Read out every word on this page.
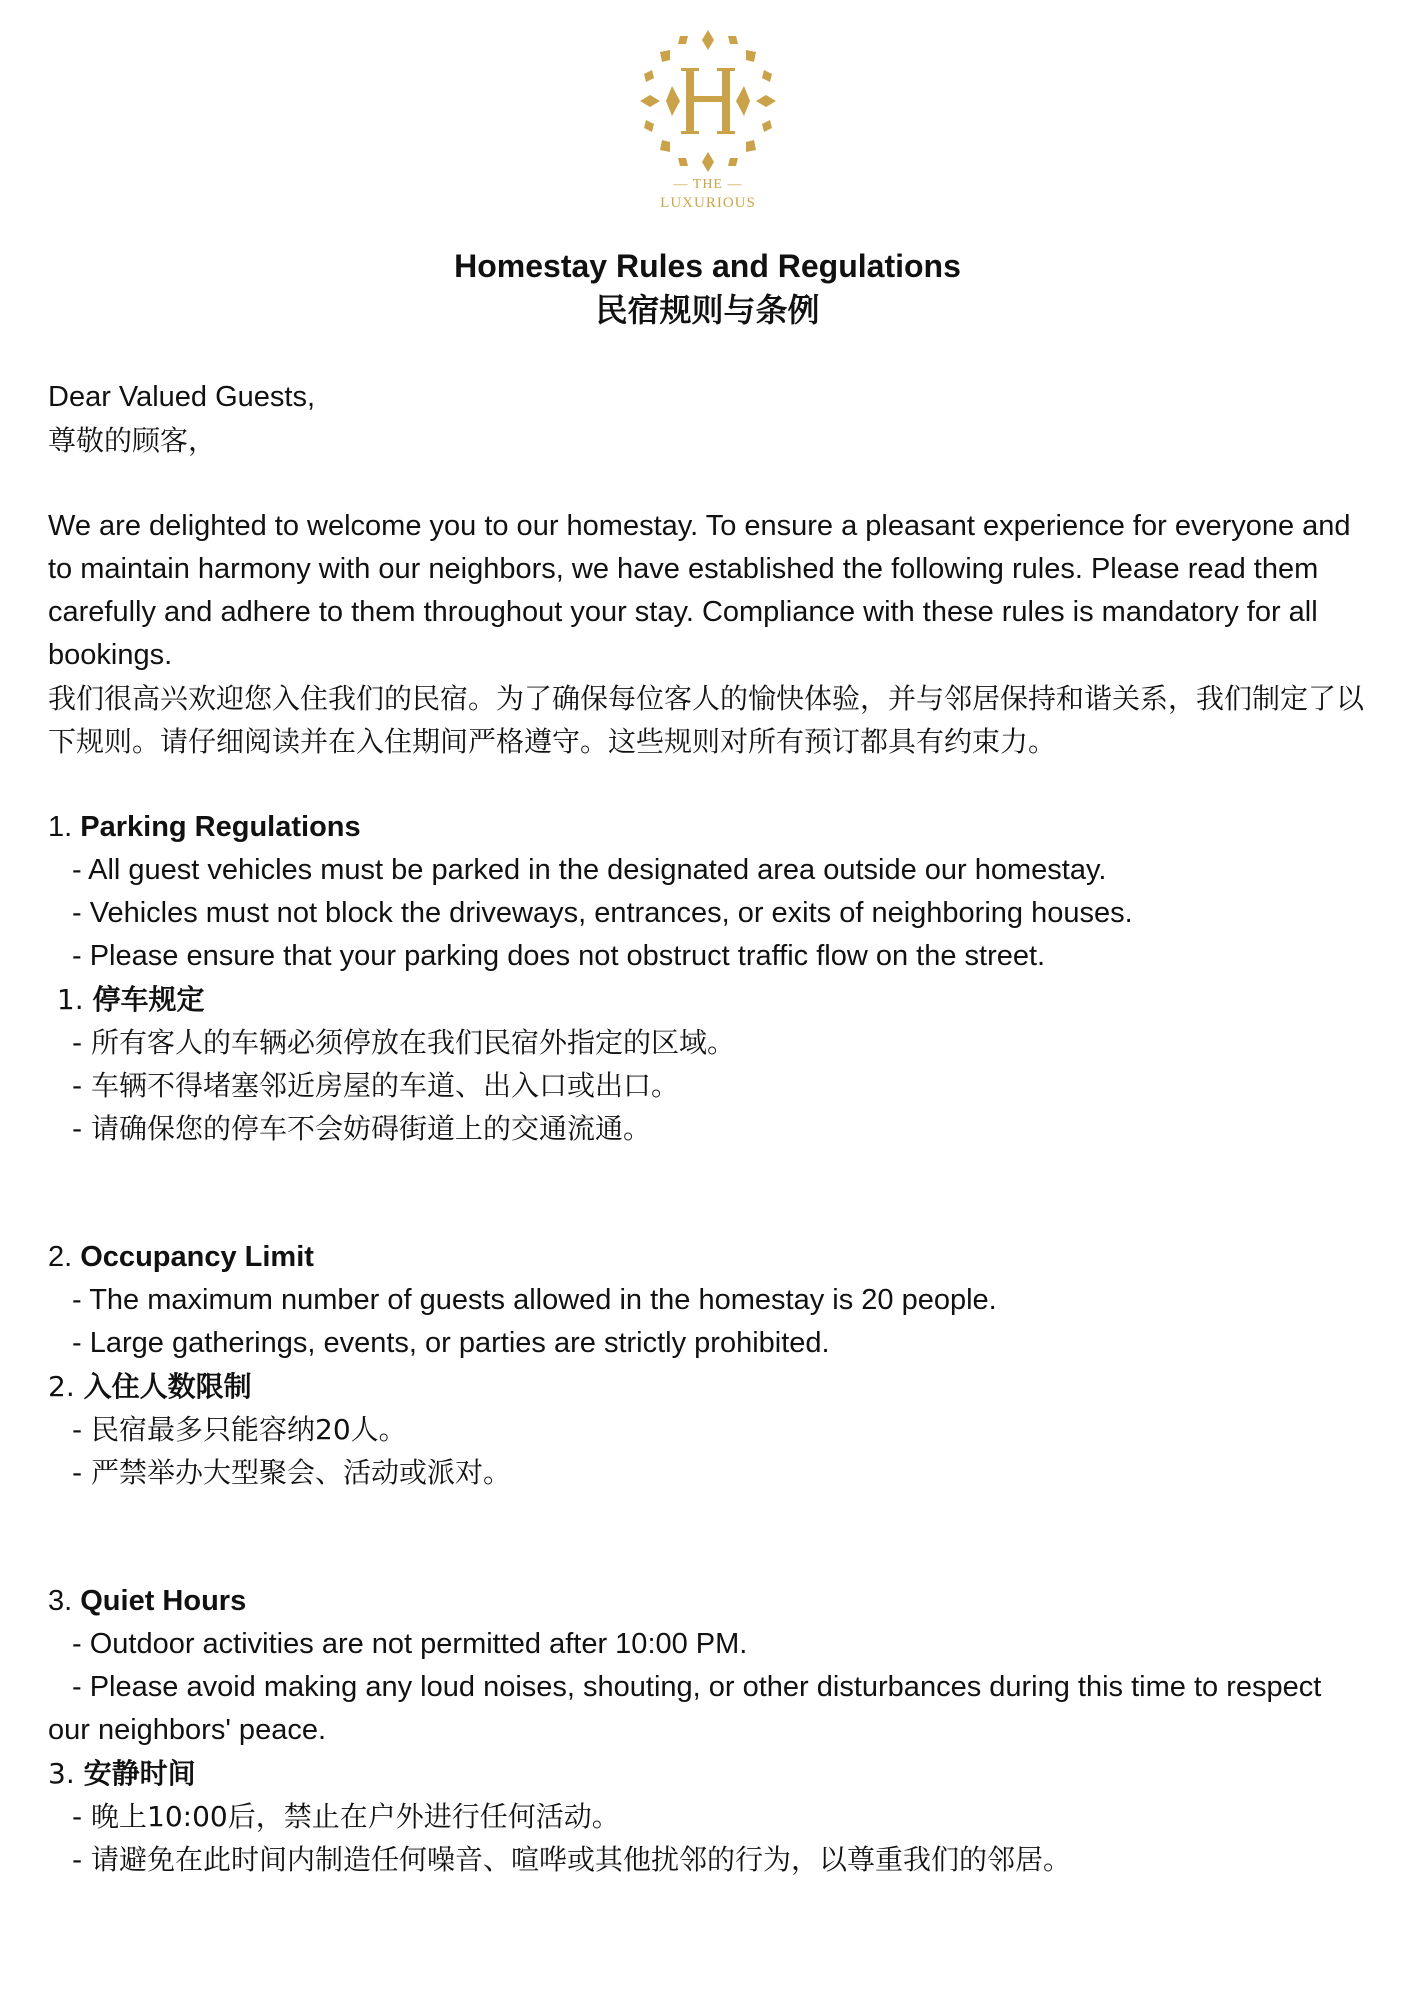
— THE —
LUXURIOUS
Homestay Rules and Regulations
民宿规则与条例

Dear Valued Guests,

尊敬的顾客，

We are delighted to welcome you to our homestay. To ensure a pleasant experience for everyone and to maintain harmony with our neighbors, we have established the following rules. Please read them carefully and adhere to them throughout your stay. Compliance with these rules is mandatory for all bookings.

我们很高兴欢迎您入住我们的民宿。为了确保每位客人的愉快体验，并与邻居保持和谐关系，我们制定了以下规则。请仔细阅读并在入住期间严格遵守。这些规则对所有预订都具有约束力。

1. Parking Regulations

- All guest vehicles must be parked in the designated area outside our homestay.

- Vehicles must not block the driveways, entrances, or exits of neighboring houses.

- Please ensure that your parking does not obstruct traffic flow on the street.

1. 停车规定

- 所有客人的车辆必须停放在我们民宿外指定的区域。

- 车辆不得堵塞邻近房屋的车道、出入口或出口。

- 请确保您的停车不会妨碍街道上的交通流通。

2. Occupancy Limit

- The maximum number of guests allowed in the homestay is 20 people.

- Large gatherings, events, or parties are strictly prohibited.

2. 入住人数限制

- 民宿最多只能容纳20人。

- 严禁举办大型聚会、活动或派对。

3. Quiet Hours

- Outdoor activities are not permitted after 10:00 PM.

- Please avoid making any loud noises, shouting, or other disturbances during this time to respect our neighbors' peace.

3. 安静时间

- 晚上10:00后，禁止在户外进行任何活动。

- 请避免在此时间内制造任何噪音、喧哗或其他扰邻的行为，以尊重我们的邻居。
